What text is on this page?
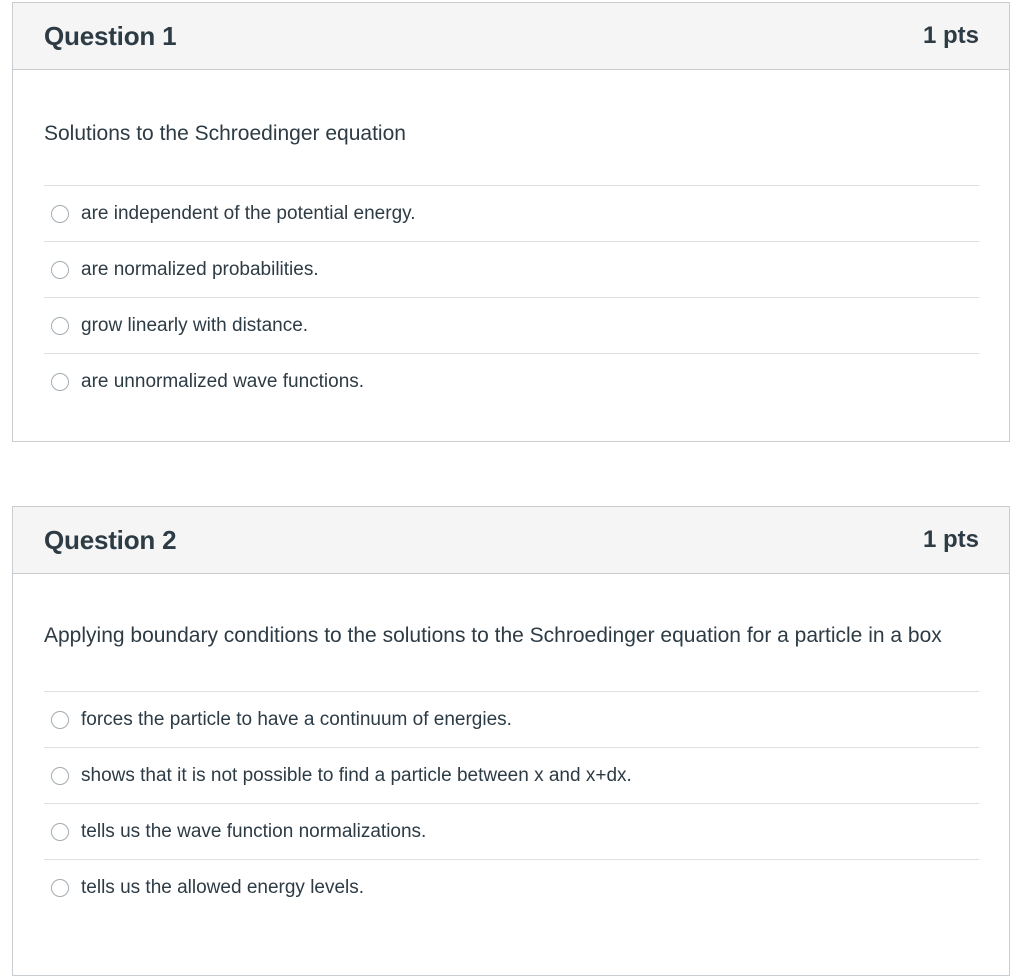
Question 1	1 pts
Solutions to the Schroedinger equation
are independent of the potential energy.
are normalized probabilities.
grow linearly with distance.
are unnormalized wave functions.
Question 2	1 pts
Applying boundary conditions to the solutions to the Schroedinger equation for a particle in a box
forces the particle to have a continuum of energies.
shows that it is not possible to find a particle between x and x+dx.
tells us the wave function normalizations.
tells us the allowed energy levels.
